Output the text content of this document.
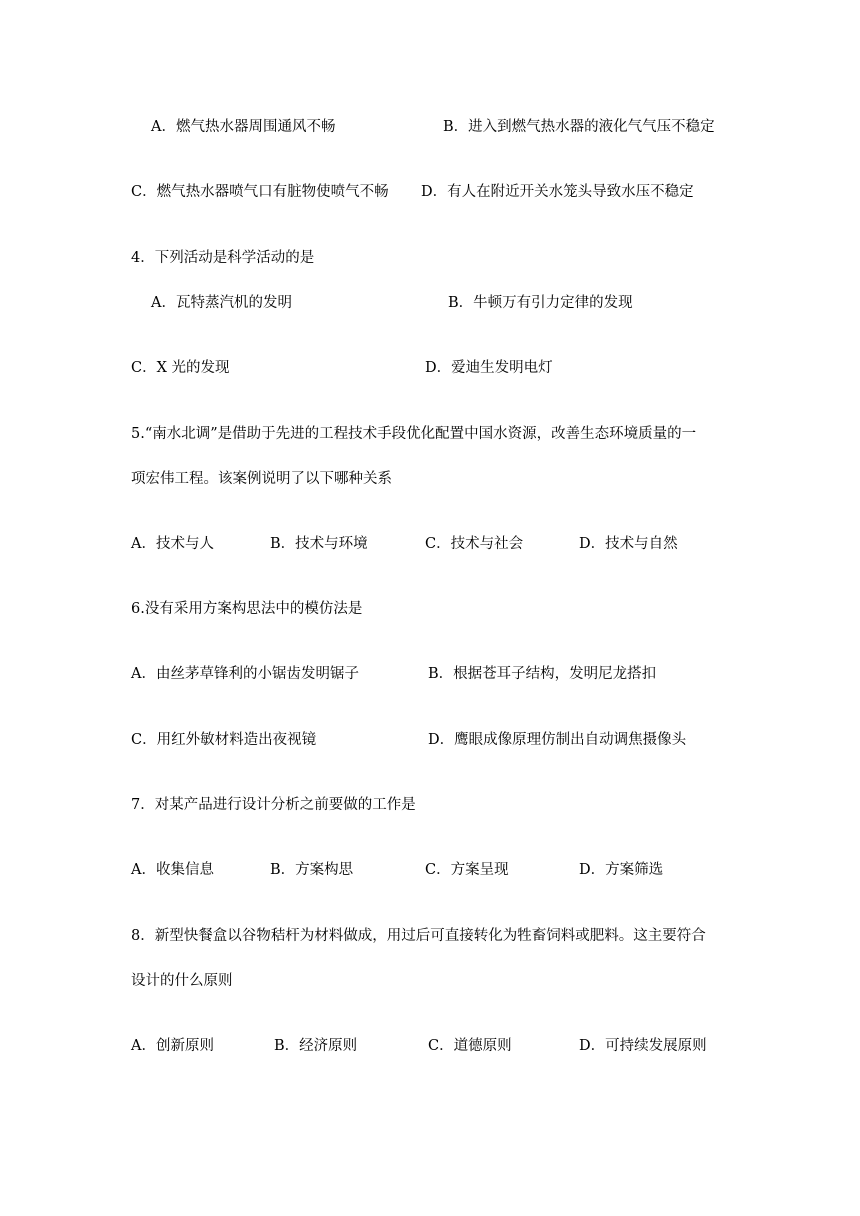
A．燃气热水器周围通风不畅	B．进入到燃气热水器的液化气气压不稳定
C．燃气热水器喷气口有脏物使喷气不畅 D．有人在附近开关水笼头导致水压不稳定
4．下列活动是科学活动的是
A．瓦特蒸汽机的发明	B．牛顿万有引力定律的发现
C．X 光的发现	D．爱迪生发明电灯
5.“南水北调”是借助于先进的工程技术手段优化配置中国水资源，改善生态环境质量的一
项宏伟工程。该案例说明了以下哪种关系
A．技术与人	B．技术与环境	C．技术与社会	D．技术与自然
6.没有采用方案构思法中的模仿法是
A．由丝茅草锋利的小锯齿发明锯子	B．根据苍耳子结构，发明尼龙搭扣
C．用红外敏材料造出夜视镜	D．鹰眼成像原理仿制出自动调焦摄像头
7．对某产品进行设计分析之前要做的工作是
A．收集信息	B．方案构思	C．方案呈现	D．方案筛选
8．新型快餐盒以谷物秸杆为材料做成，用过后可直接转化为牲畜饲料或肥料。这主要符合
设计的什么原则
A．创新原则	B．经济原则	C．道德原则	D．可持续发展原则
